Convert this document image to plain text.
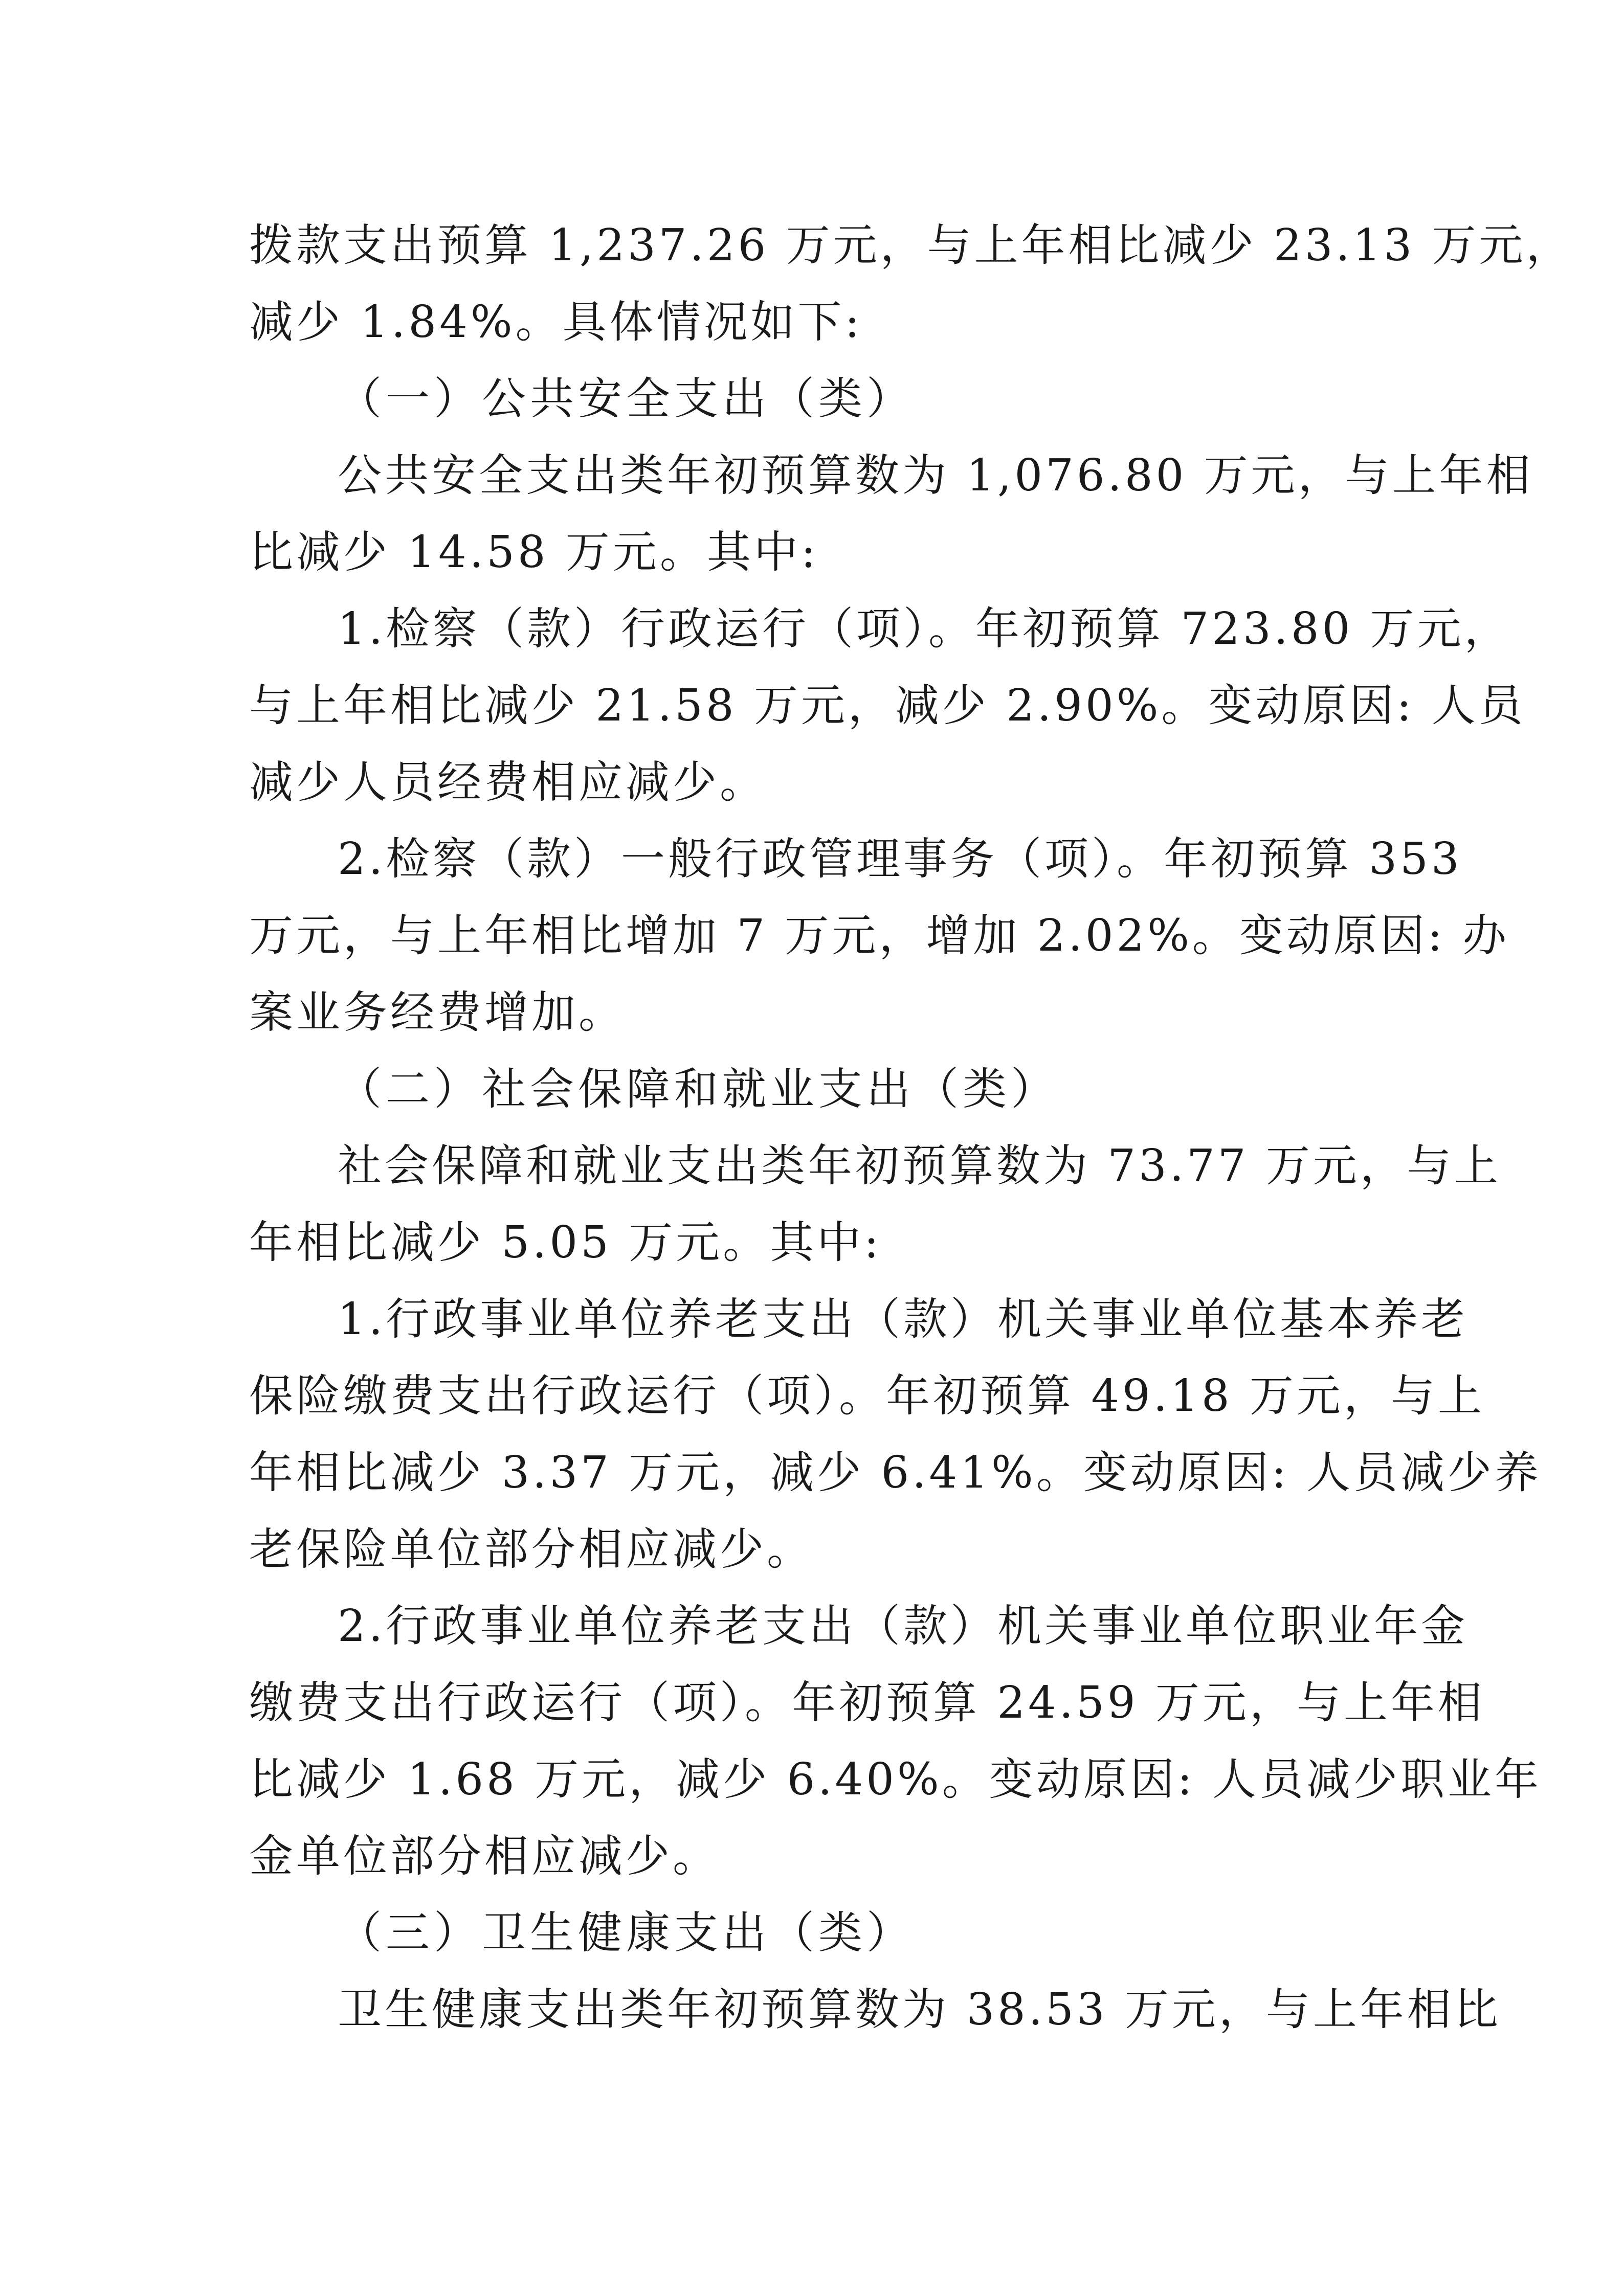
拨款支出预算 1,237.26 万元，与上年相比减少 23.13 万元，
减少 1.84%。具体情况如下:
（一）公共安全支出（类）
公共安全支出类年初预算数为 1,076.80 万元，与上年相
比减少 14.58 万元。其中:
1.检察（款）行政运行（项）。年初预算 723.80 万元，
与上年相比减少 21.58 万元，减少 2.90%。变动原因: 人员
减少人员经费相应减少。
2.检察（款）一般行政管理事务（项）。年初预算 353
万元，与上年相比增加 7 万元，增加 2.02%。变动原因: 办
案业务经费增加。
（二）社会保障和就业支出（类）
社会保障和就业支出类年初预算数为 73.77 万元，与上
年相比减少 5.05 万元。其中:
1.行政事业单位养老支出（款）机关事业单位基本养老
保险缴费支出行政运行（项）。年初预算 49.18 万元，与上
年相比减少 3.37 万元，减少 6.41%。变动原因: 人员减少养
老保险单位部分相应减少。
2.行政事业单位养老支出（款）机关事业单位职业年金
缴费支出行政运行（项）。年初预算 24.59 万元，与上年相
比减少 1.68 万元，减少 6.40%。变动原因: 人员减少职业年
金单位部分相应减少。
（三）卫生健康支出（类）
卫生健康支出类年初预算数为 38.53 万元，与上年相比
